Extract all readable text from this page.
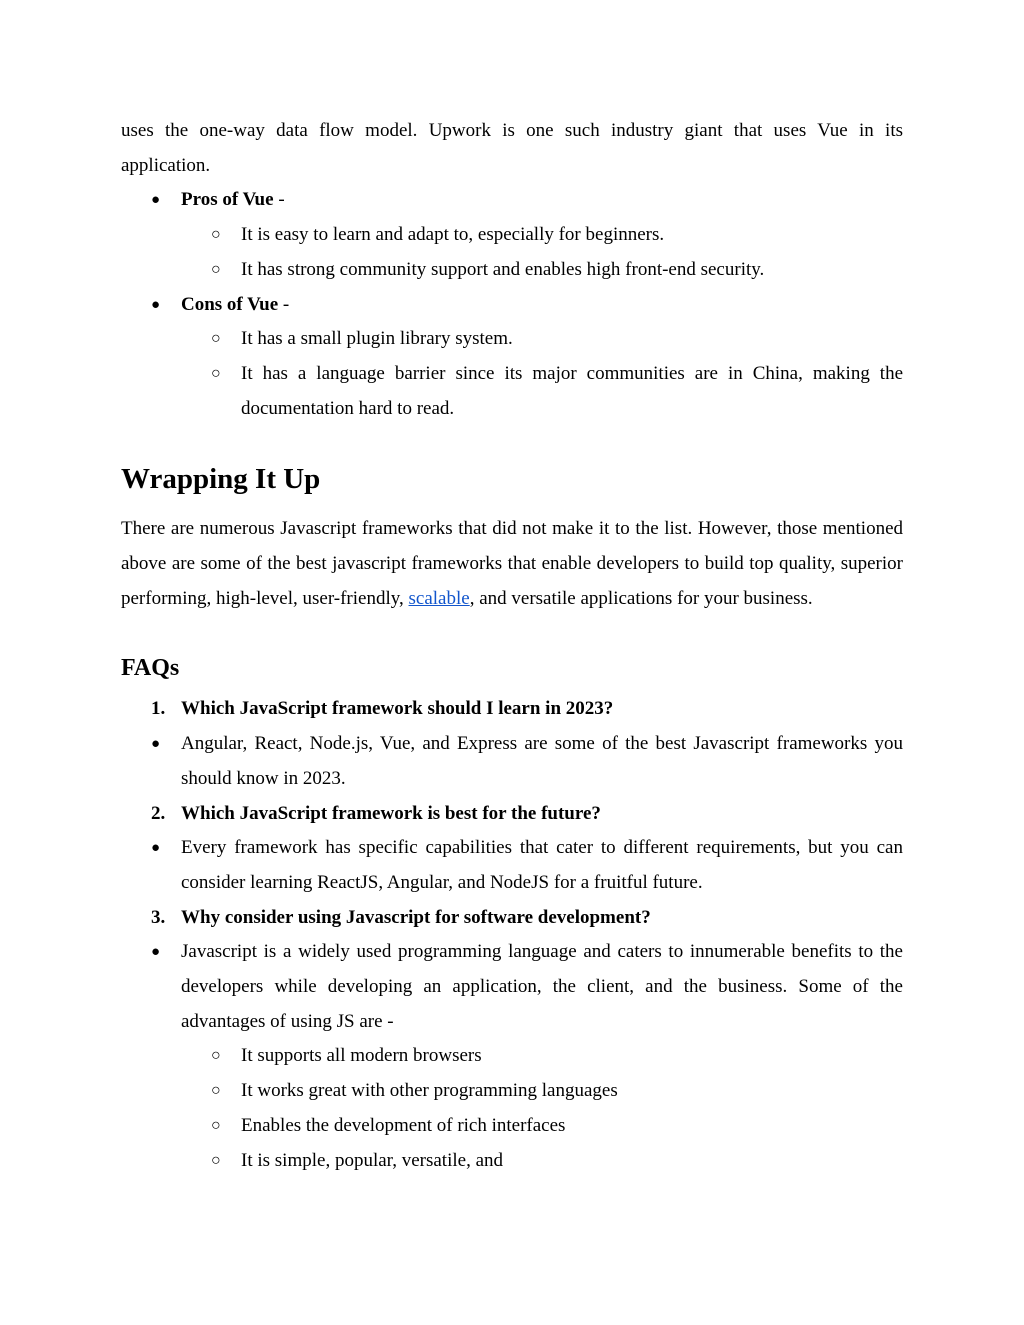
uses the one-way data flow model. Upwork is one such industry giant that uses Vue in its

application.

● Pros of Vue -
○ It is easy to learn and adapt to, especially for beginners.
○ It has strong community support and enables high front-end security.
● Cons of Vue -
○ It has a small plugin library system.
○ It has a language barrier since its major communities are in China, making the documentation hard to read.
Wrapping It Up

There are numerous Javascript frameworks that did not make it to the list. However, those mentioned above are some of the best javascript frameworks that enable developers to build top quality, superior performing, high-level, user-friendly, scalable, and versatile applications for your business.

FAQs
1. Which JavaScript framework should I learn in 2023?
● Angular, React, Node.js, Vue, and Express are some of the best Javascript frameworks you should know in 2023.
2. Which JavaScript framework is best for the future?
● Every framework has specific capabilities that cater to different requirements, but you can consider learning ReactJS, Angular, and NodeJS for a fruitful future.
3. Why consider using Javascript for software development?
● Javascript is a widely used programming language and caters to innumerable benefits to the developers while developing an application, the client, and the business. Some of the advantages of using JS are -
○ It supports all modern browsers
○ It works great with other programming languages
○ Enables the development of rich interfaces
○ It is simple, popular, versatile, and
